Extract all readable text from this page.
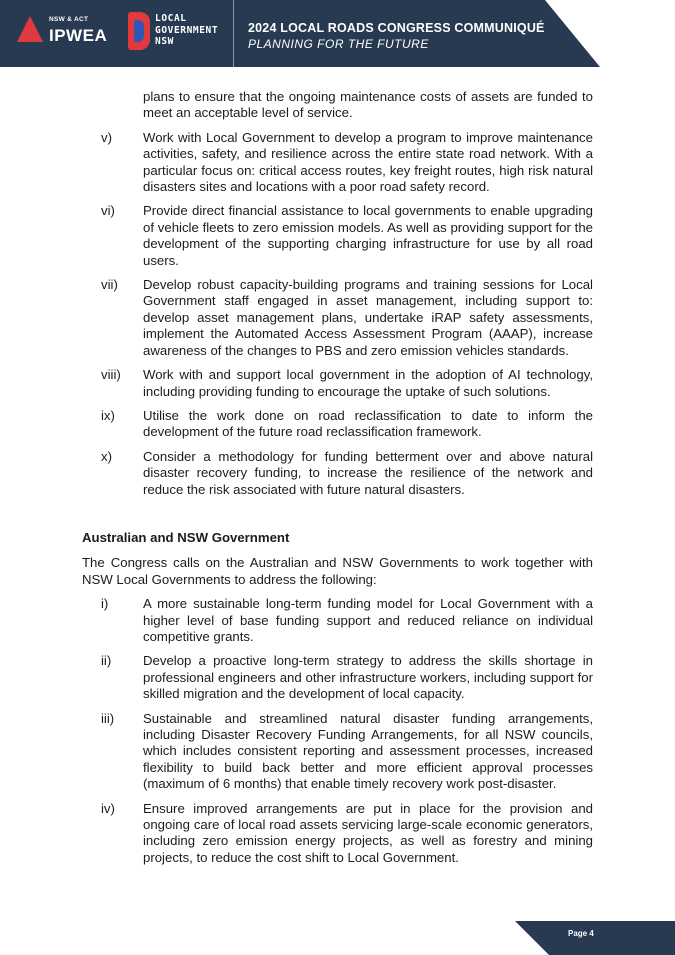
NSW & ACT
IPWEA
LOCAL
GOVERNMENT
NSW
2024 LOCAL ROADS CONGRESS COMMUNIQUÉ
PLANNING FOR THE FUTURE
plans to ensure that the ongoing maintenance costs of assets are funded to meet an acceptable level of service.
v) Work with Local Government to develop a program to improve maintenance activities, safety, and resilience across the entire state road network. With a particular focus on: critical access routes, key freight routes, high risk natural disasters sites and locations with a poor road safety record.
vi) Provide direct financial assistance to local governments to enable upgrading of vehicle fleets to zero emission models. As well as providing support for the development of the supporting charging infrastructure for use by all road users.
vii) Develop robust capacity-building programs and training sessions for Local Government staff engaged in asset management, including support to: develop asset management plans, undertake iRAP safety assessments, implement the Automated Access Assessment Program (AAAP), increase awareness of the changes to PBS and zero emission vehicles standards.
viii) Work with and support local government in the adoption of AI technology, including providing funding to encourage the uptake of such solutions.
ix) Utilise the work done on road reclassification to date to inform the development of the future road reclassification framework.
x) Consider a methodology for funding betterment over and above natural disaster recovery funding, to increase the resilience of the network and reduce the risk associated with future natural disasters.
Australian and NSW Government
The Congress calls on the Australian and NSW Governments to work together with NSW Local Governments to address the following:
i)	A more sustainable long-term funding model for Local Government with a higher level of base funding support and reduced reliance on individual competitive grants.
ii) Develop a proactive long-term strategy to address the skills shortage in professional engineers and other infrastructure workers, including support for skilled migration and the development of local capacity.
iii) Sustainable and streamlined natural disaster funding arrangements, including Disaster Recovery Funding Arrangements, for all NSW councils, which includes consistent reporting and assessment processes, increased flexibility to build back better and more efficient approval processes (maximum of 6 months) that enable timely recovery work post-disaster.
iv) Ensure improved arrangements are put in place for the provision and ongoing care of local road assets servicing large-scale economic generators, including zero emission energy projects, as well as forestry and mining projects, to reduce the cost shift to Local Government.
Page 4
